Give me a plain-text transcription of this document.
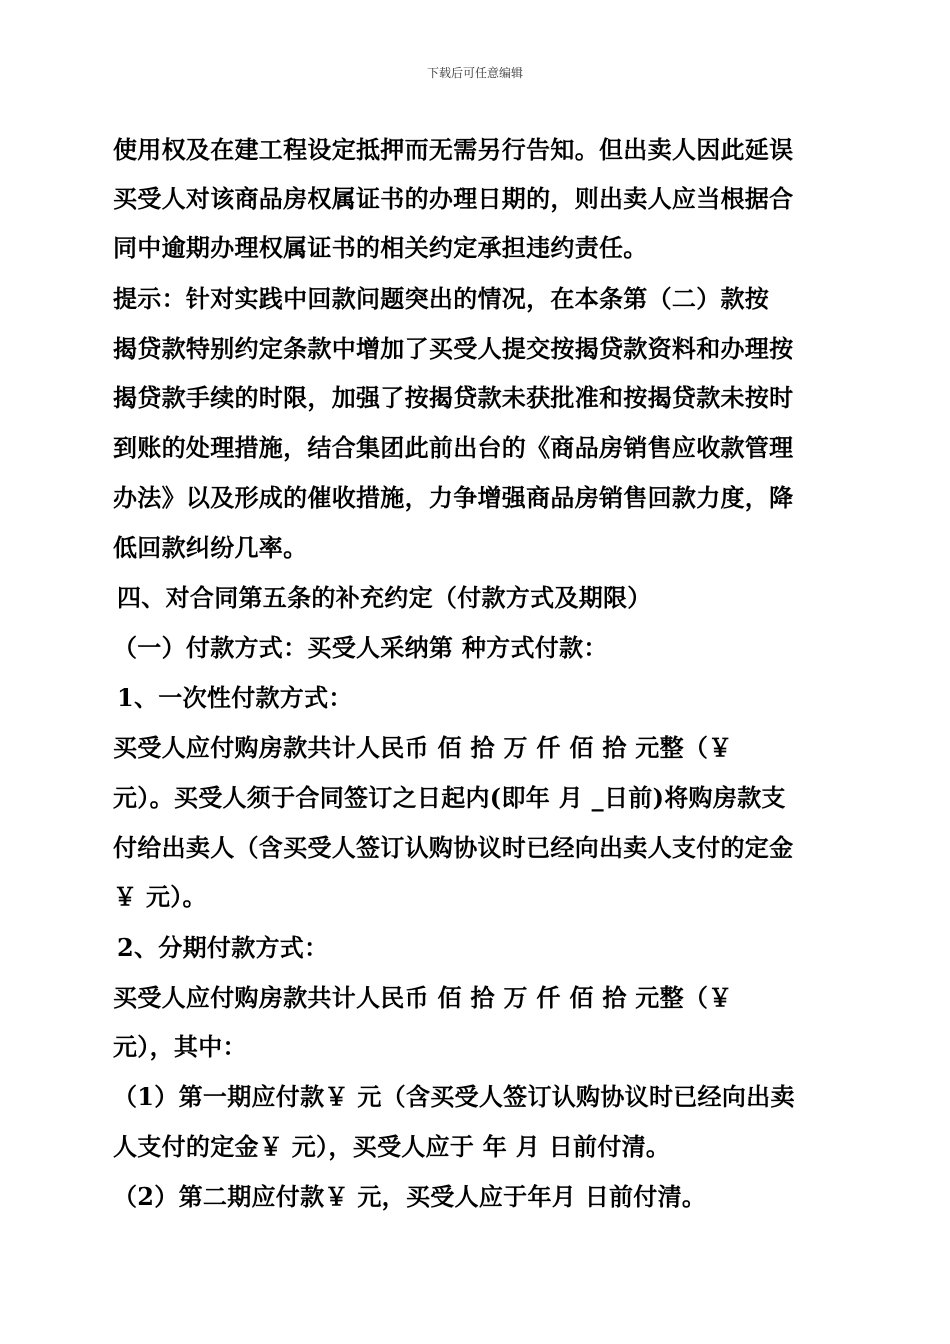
下载后可任意编辑
使用权及在建工程设定抵押而无需另行告知。但出卖人因此延误
买受人对该商品房权属证书的办理日期的，则出卖人应当根据合
同中逾期办理权属证书的相关约定承担违约责任。
提示：针对实践中回款问题突出的情况，在本条第（二）款按
揭贷款特别约定条款中增加了买受人提交按揭贷款资料和办理按
揭贷款手续的时限，加强了按揭贷款未获批准和按揭贷款未按时
到账的处理措施，结合集团此前出台的《商品房销售应收款管理
办法》以及形成的催收措施，力争增强商品房销售回款力度，降
低回款纠纷几率。
四、对合同第五条的补充约定（付款方式及期限）
（一）付款方式：买受人采纳第 种方式付款：
1、一次性付款方式：
买受人应付购房款共计人民币 佰 拾 万 仟 佰 拾 元整（￥
元）。买受人须于合同签订之日起内(即年 月 _日前)将购房款支
付给出卖人（含买受人签订认购协议时已经向出卖人支付的定金
￥ 元）。
2、分期付款方式：
买受人应付购房款共计人民币 佰 拾 万 仟 佰 拾 元整（￥
元），其中：
（1）第一期应付款￥ 元（含买受人签订认购协议时已经向出卖
人支付的定金￥ 元），买受人应于 年 月 日前付清。
（2）第二期应付款￥ 元，买受人应于年月 日前付清。
